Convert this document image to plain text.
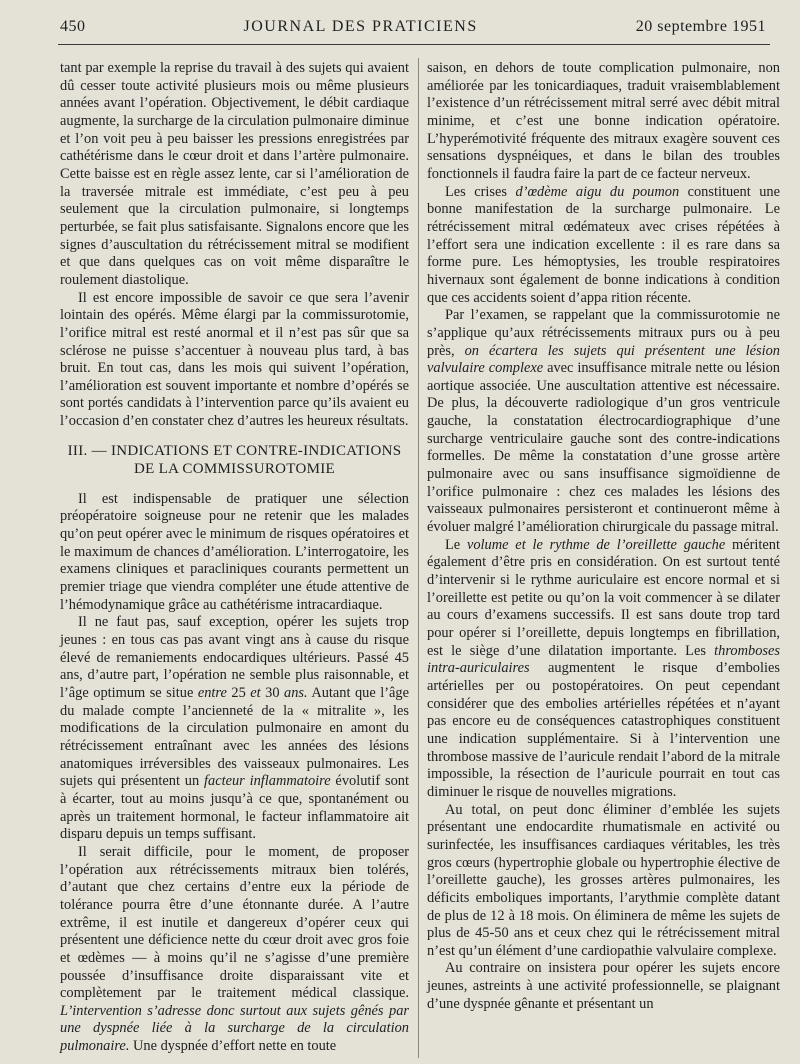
450	JOURNAL DES PRATICIENS	20 septembre 1951

tant par exemple la reprise du travail à des sujets qui avaient dû cesser toute activité plusieurs mois ou même plusieurs années avant l’opération. Objectivement, le débit cardiaque augmente, la surcharge de la circulation pulmonaire diminue et l’on voit peu à peu baisser les pressions enregistrées par cathétérisme dans le cœur droit et dans l’artère pulmonaire. Cette baisse est en règle assez lente, car si l’amélioration de la traversée mitrale est immédiate, c’est peu à peu seulement que la circulation pulmonaire, si longtemps perturbée, se fait plus satisfaisante. Signalons encore que les signes d’auscultation du rétrécissement mitral se modifient et que dans quelques cas on voit même disparaître le roulement diastolique.

Il est encore impossible de savoir ce que sera l’avenir lointain des opérés. Même élargi par la commissurotomie, l’orifice mitral est resté anormal et il n’est pas sûr que sa sclérose ne puisse s’accentuer à nouveau plus tard, à bas bruit. En tout cas, dans les mois qui suivent l’opération, l’amélioration est souvent importante et nombre d’opérés se sont portés candidats à l’intervention parce qu’ils avaient eu l’occasion d’en constater chez d’autres les heureux résultats.

III. — INDICATIONS ET CONTRE-INDICATIONS
DE LA COMMISSUROTOMIE

Il est indispensable de pratiquer une sélection préopératoire soigneuse pour ne retenir que les malades qu’on peut opérer avec le minimum de risques opératoires et le maximum de chances d’amélioration. L’interrogatoire, les examens cliniques et paracliniques courants permettent un premier triage que viendra compléter une étude attentive de l’hémodynamique grâce au cathétérisme intracardiaque.

Il ne faut pas, sauf exception, opérer les sujets trop jeunes : en tous cas pas avant vingt ans à cause du risque élevé de remaniements endocardiques ultérieurs. Passé 45 ans, d’autre part, l’opération ne semble plus raisonnable, et l’âge optimum se situe entre 25 et 30 ans. Autant que l’âge du malade compte l’ancienneté de la « mitralite », les modifications de la circulation pulmonaire en amont du rétrécissement entraînant avec les années des lésions anatomiques irréversibles des vaisseaux pulmonaires. Les sujets qui présentent un facteur inflammatoire évolutif sont à écarter, tout au moins jusqu’à ce que, spontanément ou après un traitement hormonal, le facteur inflammatoire ait disparu depuis un temps suffisant.

Il serait difficile, pour le moment, de proposer l’opération aux rétrécissements mitraux bien tolérés, d’autant que chez certains d’entre eux la période de tolérance pourra être d’une étonnante durée. A l’autre extrême, il est inutile et dangereux d’opérer ceux qui présentent une déficience nette du cœur droit avec gros foie et œdèmes — à moins qu’il ne s’agisse d’une première poussée d’insuffisance droite disparaissant vite et complètement par le traitement médical classique. L’intervention s’adresse donc surtout aux sujets gênés par une dyspnée liée à la surcharge de la circulation pulmonaire. Une dyspnée d’effort nette en toute

saison, en dehors de toute complication pulmonaire, non améliorée par les tonicardiaques, traduit vraisemblablement l’existence d’un rétrécissement mitral serré avec débit mitral minime, et c’est une bonne indication opératoire. L’hyperémotivité fréquente des mitraux exagère souvent ces sensations dyspnéiques, et dans le bilan des troubles fonctionnels il faudra faire la part de ce facteur nerveux.

Les crises d’œdème aigu du poumon constituent une bonne manifestation de la surcharge pulmonaire. Le rétrécissement mitral œdémateux avec crises répétées à l’effort sera une indication excellente : il es rare dans sa forme pure. Les hémoptysies, les trouble respiratoires hivernaux sont également de bonne indications à condition que ces accidents soient d’appa rition récente.

Par l’examen, se rappelant que la commissurotomie ne s’applique qu’aux rétrécissements mitraux purs ou à peu près, on écartera les sujets qui présentent une lésion valvulaire complexe avec insuffisance mitrale nette ou lésion aortique associée. Une auscultation attentive est nécessaire. De plus, la découverte radiologique d’un gros ventricule gauche, la constatation électrocardiographique d’une surcharge ventriculaire gauche sont des contre-indications formelles. De même la constatation d’une grosse artère pulmonaire avec ou sans insuffisance sigmoïdienne de l’orifice pulmonaire : chez ces malades les lésions des vaisseaux pulmonaires persisteront et continueront même à évoluer malgré l’amélioration chirurgicale du passage mitral.

Le volume et le rythme de l’oreillette gauche méritent également d’être pris en considération. On est surtout tenté d’intervenir si le rythme auriculaire est encore normal et si l’oreillette est petite ou qu’on la voit commencer à se dilater au cours d’examens successifs. Il est sans doute trop tard pour opérer si l’oreillette, depuis longtemps en fibrillation, est le siège d’une dilatation importante. Les thromboses intra-auriculaires augmentent le risque d’embolies artérielles per ou postopératoires. On peut cependant considérer que des embolies artérielles répétées et n’ayant pas encore eu de conséquences catastrophiques constituent une indication supplémentaire. Si à l’intervention une thrombose massive de l’auricule rendait l’abord de la mitrale impossible, la résection de l’auricule pourrait en tout cas diminuer le risque de nouvelles migrations.

Au total, on peut donc éliminer d’emblée les sujets présentant une endocardite rhumatismale en activité ou surinfectée, les insuffisances cardiaques véritables, les très gros cœurs (hypertrophie globale ou hypertrophie élective de l’oreillette gauche), les grosses artères pulmonaires, les déficits emboliques importants, l’arythmie complète datant de plus de 12 à 18 mois. On éliminera de même les sujets de plus de 45-50 ans et ceux chez qui le rétrécissement mitral n’est qu’un élément d’une cardiopathie valvulaire complexe.

Au contraire on insistera pour opérer les sujets encore jeunes, astreints à une activité professionnelle, se plaignant d’une dyspnée gênante et présentant un
